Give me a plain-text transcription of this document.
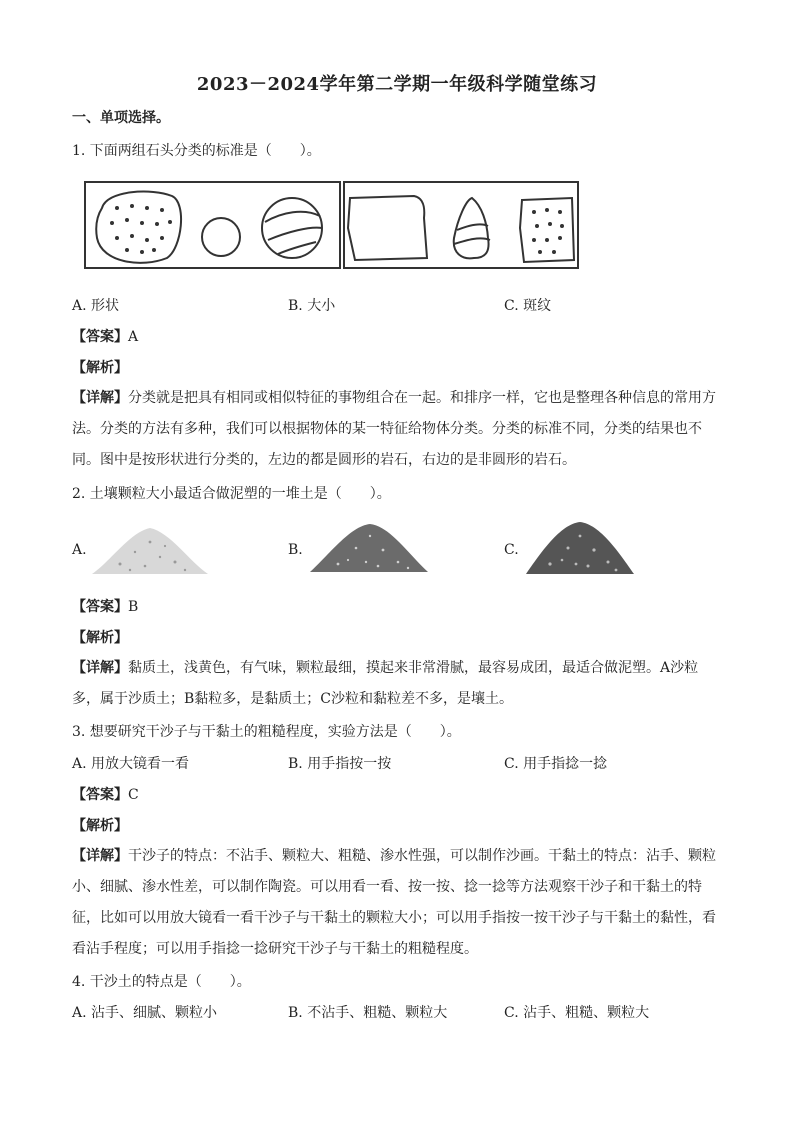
2023－2024学年第二学期一年级科学随堂练习
一、单项选择。
1. 下面两组石头分类的标准是（　　）。
A. 形状	B. 大小	C. 斑纹
【答案】A
【解析】
【详解】分类就是把具有相同或相似特征的事物组合在一起。和排序一样，它也是整理各种信息的常用方法。分类的方法有多种，我们可以根据物体的某一特征给物体分类。分类的标准不同，分类的结果也不同。图中是按形状进行分类的，左边的都是圆形的岩石，右边的是非圆形的岩石。
2. 土壤颗粒大小最适合做泥塑的一堆土是（　　）。
A.	B.	C.
【答案】B
【解析】
【详解】黏质土，浅黄色，有气味，颗粒最细，摸起来非常滑腻，最容易成团，最适合做泥塑。A沙粒多，属于沙质土；B黏粒多，是黏质土；C沙粒和黏粒差不多，是壤土。
3. 想要研究干沙子与干黏土的粗糙程度，实验方法是（　　）。
A. 用放大镜看一看	B. 用手指按一按	C. 用手指捻一捻
【答案】C
【解析】
【详解】干沙子的特点：不沾手、颗粒大、粗糙、渗水性强，可以制作沙画。干黏土的特点：沾手、颗粒小、细腻、渗水性差，可以制作陶瓷。可以用看一看、按一按、捻一捻等方法观察干沙子和干黏土的特征，比如可以用放大镜看一看干沙子与干黏土的颗粒大小；可以用手指按一按干沙子与干黏土的黏性，看看沾手程度；可以用手指捻一捻研究干沙子与干黏土的粗糙程度。
4. 干沙土的特点是（　　）。
A. 沾手、细腻、颗粒小	B. 不沾手、粗糙、颗粒大	C. 沾手、粗糙、颗粒大
